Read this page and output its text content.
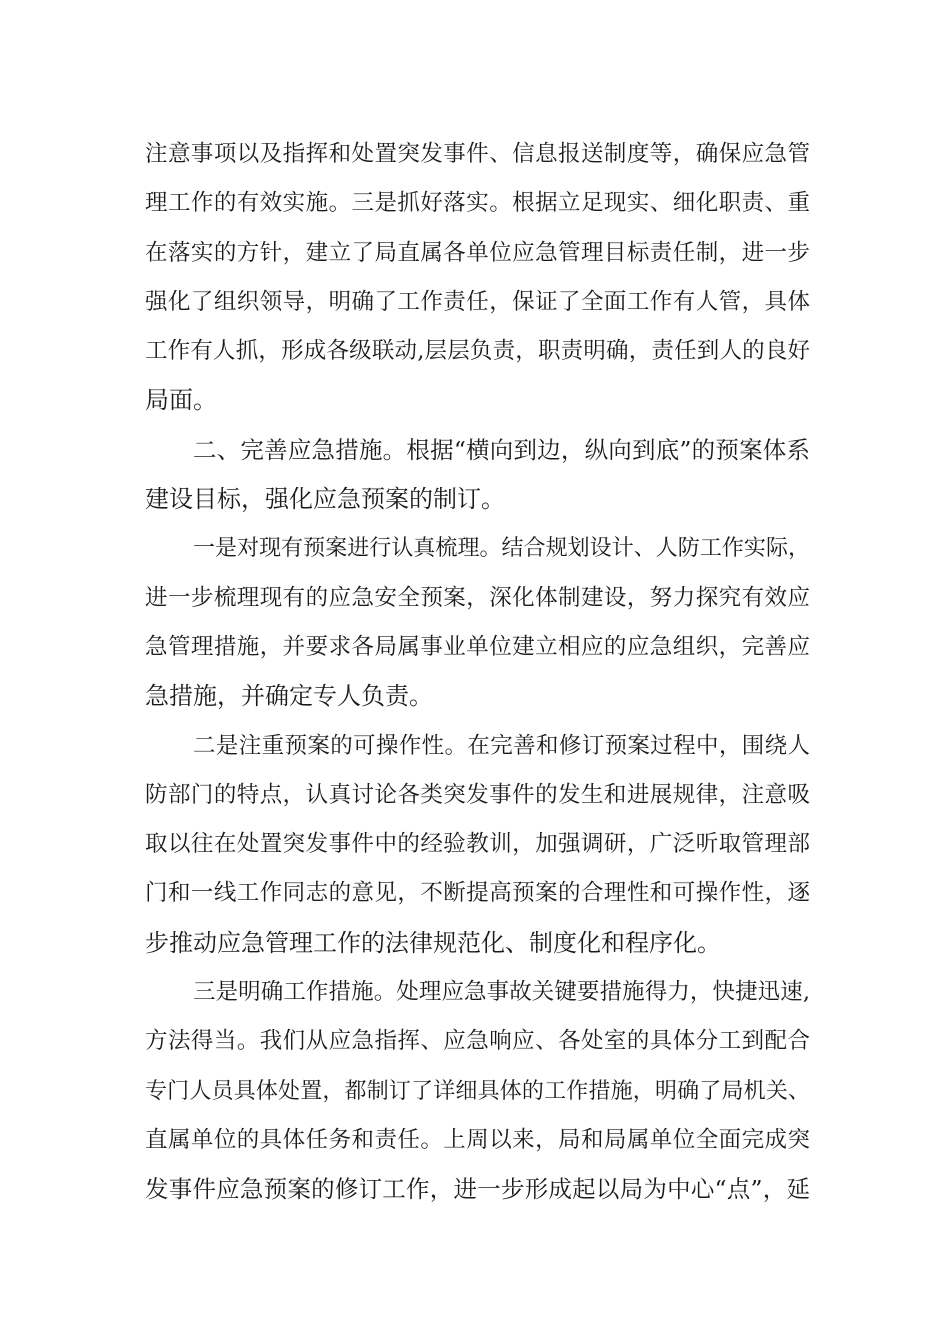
注意事项以及指挥和处置突发事件、信息报送制度等，确保应急管
理工作的有效实施。三是抓好落实。根据立足现实、细化职责、重
在落实的方针，建立了局直属各单位应急管理目标责任制，进一步
强化了组织领导，明确了工作责任，保证了全面工作有人管，具体
工作有人抓，形成各级联动,层层负责，职责明确，责任到人的良好
局面。
二、完善应急措施。根据“横向到边，纵向到底”的预案体系
建设目标，强化应急预案的制订。
一是对现有预案进行认真梳理。结合规划设计、人防工作实际，
进一步梳理现有的应急安全预案，深化体制建设，努力探究有效应
急管理措施，并要求各局属事业单位建立相应的应急组织，完善应
急措施，并确定专人负责。
二是注重预案的可操作性。在完善和修订预案过程中，围绕人
防部门的特点，认真讨论各类突发事件的发生和进展规律，注意吸
取以往在处置突发事件中的经验教训，加强调研，广泛听取管理部
门和一线工作同志的意见，不断提高预案的合理性和可操作性，逐
步推动应急管理工作的法律规范化、制度化和程序化。
三是明确工作措施。处理应急事故关键要措施得力，快捷迅速,
方法得当。我们从应急指挥、应急响应、各处室的具体分工到配合
专门人员具体处置，都制订了详细具体的工作措施，明确了局机关、
直属单位的具体任务和责任。上周以来，局和局属单位全面完成突
发事件应急预案的修订工作，进一步形成起以局为中心“点”，延
